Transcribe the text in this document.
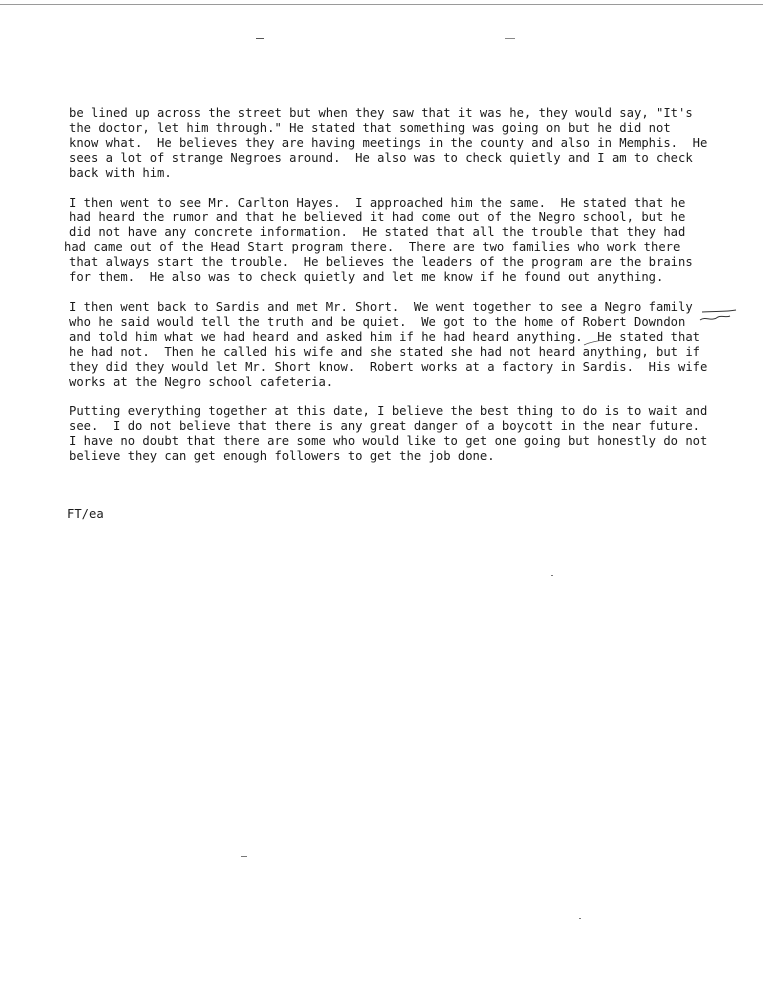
be lined up across the street but when they saw that it was he, they would say, "It's
the doctor, let him through." He stated that something was going on but he did not
know what.  He believes they are having meetings in the county and also in Memphis.  He
sees a lot of strange Negroes around.  He also was to check quietly and I am to check
back with him.

I then went to see Mr. Carlton Hayes.  I approached him the same.  He stated that he
had heard the rumor and that he believed it had come out of the Negro school, but he
did not have any concrete information.  He stated that all the trouble that they had
had came out of the Head Start program there.  There are two families who work there
that always start the trouble.  He believes the leaders of the program are the brains
for them.  He also was to check quietly and let me know if he found out anything.

I then went back to Sardis and met Mr. Short.  We went together to see a Negro family
who he said would tell the truth and be quiet.  We got to the home of Robert Downdon
and told him what we had heard and asked him if he had heard anything.  He stated that
he had not.  Then he called his wife and she stated she had not heard anything, but if
they did they would let Mr. Short know.  Robert works at a factory in Sardis.  His wife
works at the Negro school cafeteria.

Putting everything together at this date, I believe the best thing to do is to wait and
see.  I do not believe that there is any great danger of a boycott in the near future.
I have no doubt that there are some who would like to get one going but honestly do not
believe they can get enough followers to get the job done.

FT/ea
